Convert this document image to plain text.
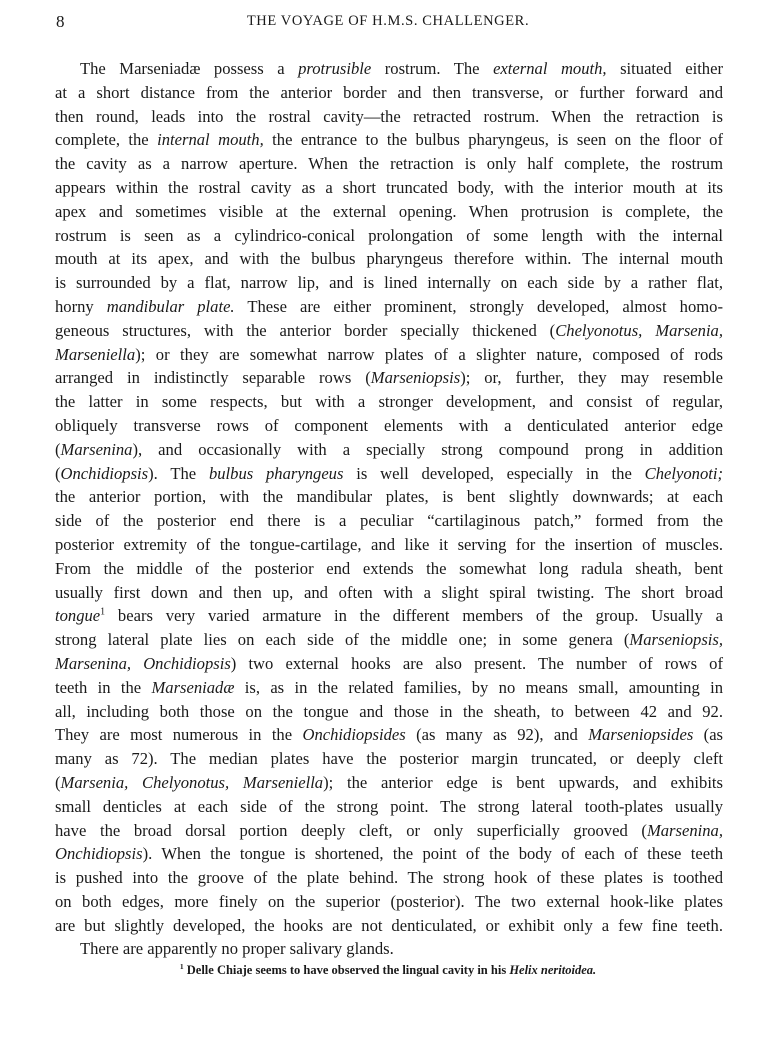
8	THE VOYAGE OF H.M.S. CHALLENGER.
The Marseniadæ possess a protrusible rostrum. The external mouth, situated either
at a short distance from the anterior border and then transverse, or further forward and
then round, leads into the rostral cavity—the retracted rostrum. When the retraction is
complete, the internal mouth, the entrance to the bulbus pharyngeus, is seen on the floor of
the cavity as a narrow aperture. When the retraction is only half complete, the rostrum
appears within the rostral cavity as a short truncated body, with the interior mouth at its
apex and sometimes visible at the external opening. When protrusion is complete, the
rostrum is seen as a cylindrico-conical prolongation of some length with the internal
mouth at its apex, and with the bulbus pharyngeus therefore within. The internal mouth
is surrounded by a flat, narrow lip, and is lined internally on each side by a rather flat,
horny mandibular plate. These are either prominent, strongly developed, almost homo-
geneous structures, with the anterior border specially thickened (Chelyonotus, Marsenia,
Marseniella); or they are somewhat narrow plates of a slighter nature, composed of rods
arranged in indistinctly separable rows (Marseniopsis); or, further, they may resemble
the latter in some respects, but with a stronger development, and consist of regular,
obliquely transverse rows of component elements with a denticulated anterior edge
(Marsenina), and occasionally with a specially strong compound prong in addition
(Onchidiopsis). The bulbus pharyngeus is well developed, especially in the Chelyonoti;
the anterior portion, with the mandibular plates, is bent slightly downwards; at each
side of the posterior end there is a peculiar “cartilaginous patch,” formed from the
posterior extremity of the tongue-cartilage, and like it serving for the insertion of muscles.
From the middle of the posterior end extends the somewhat long radula sheath, bent
usually first down and then up, and often with a slight spiral twisting. The short broad
tongue$^1$ bears very varied armature in the different members of the group. Usually a
strong lateral plate lies on each side of the middle one; in some genera (Marseniopsis,
Marsenina, Onchidiopsis) two external hooks are also present. The number of rows of
teeth in the Marseniadæ is, as in the related families, by no means small, amounting in
all, including both those on the tongue and those in the sheath, to between 42 and 92.
They are most numerous in the Onchidiopsides (as many as 92), and Marseniopsides (as
many as 72). The median plates have the posterior margin truncated, or deeply cleft
(Marsenia, Chelyonotus, Marseniella); the anterior edge is bent upwards, and exhibits
small denticles at each side of the strong point. The strong lateral tooth-plates usually
have the broad dorsal portion deeply cleft, or only superficially grooved (Marsenina,
Onchidiopsis). When the tongue is shortened, the point of the body of each of these teeth
is pushed into the groove of the plate behind. The strong hook of these plates is toothed
on both edges, more finely on the superior (posterior). The two external hook-like plates
are but slightly developed, the hooks are not denticulated, or exhibit only a few fine teeth.
There are apparently no proper salivary glands.
$^1$ Delle Chiaje seems to have observed the lingual cavity in his Helix neritoidea.
